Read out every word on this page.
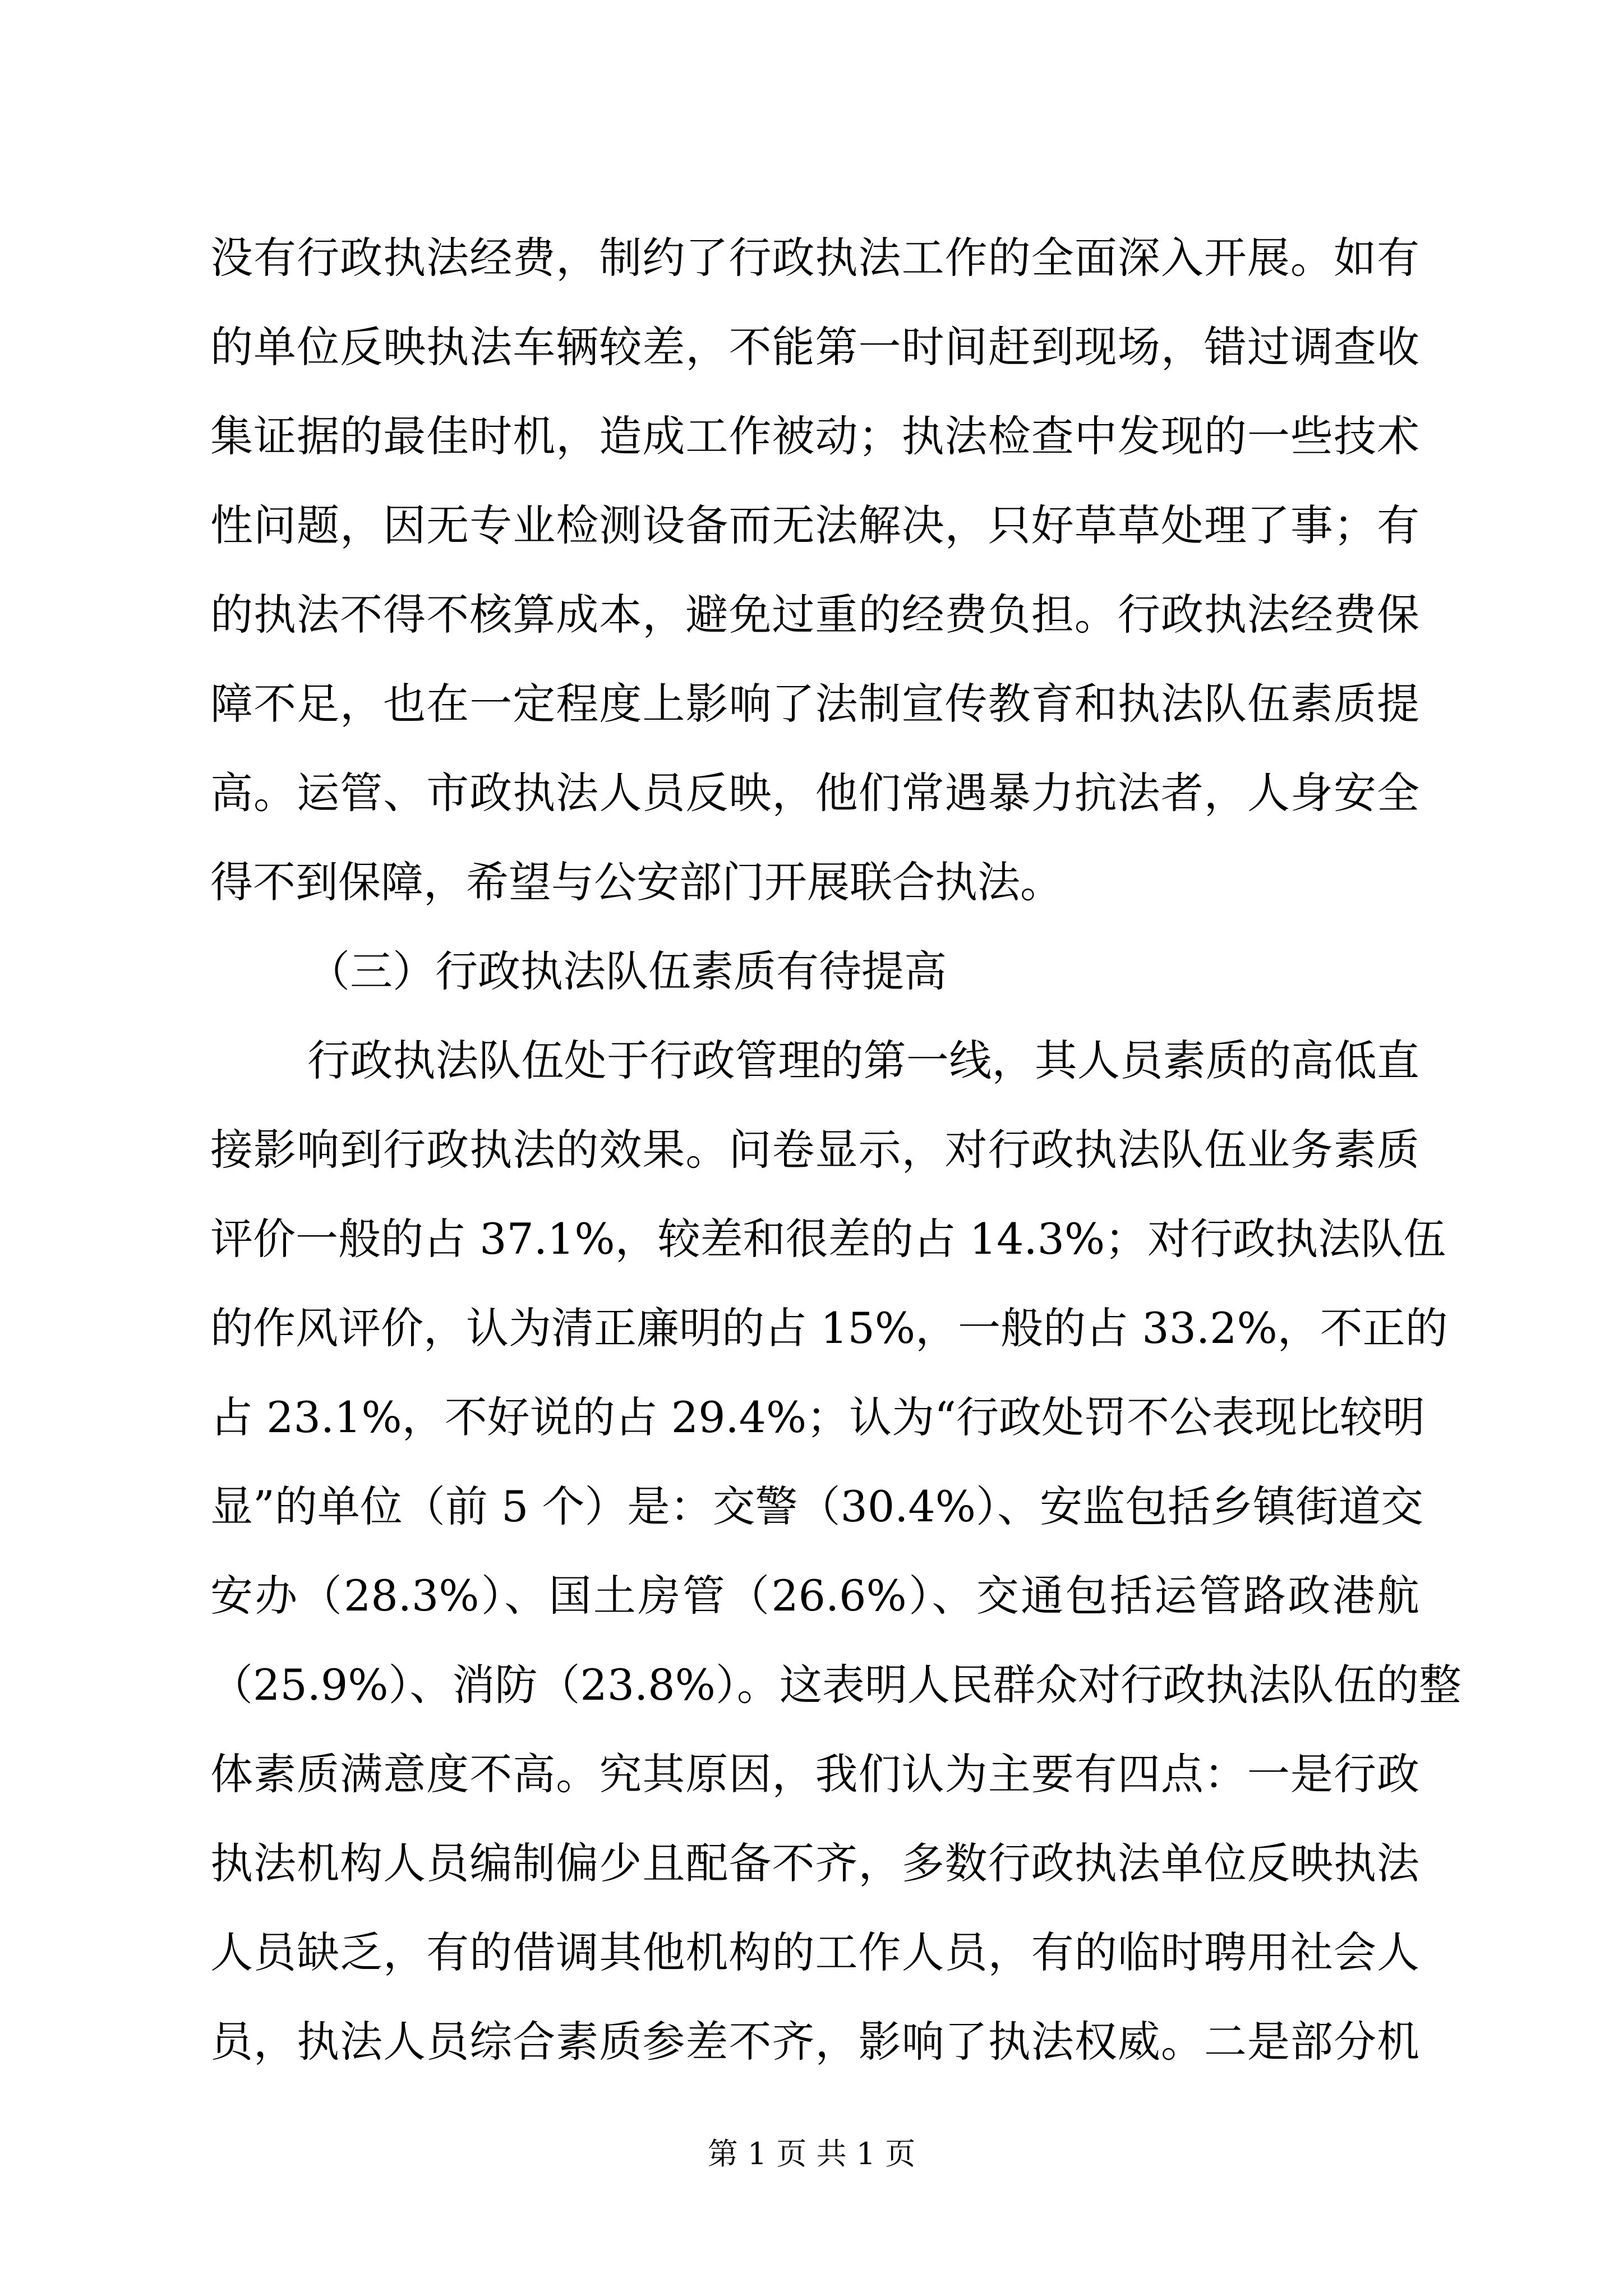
没有行政执法经费，制约了行政执法工作的全面深入开展。如有
的单位反映执法车辆较差，不能第一时间赶到现场，错过调查收
集证据的最佳时机，造成工作被动；执法检查中发现的一些技术
性问题，因无专业检测设备而无法解决，只好草草处理了事；有
的执法不得不核算成本，避免过重的经费负担。行政执法经费保
障不足，也在一定程度上影响了法制宣传教育和执法队伍素质提
高。运管、市政执法人员反映，他们常遇暴力抗法者，人身安全
得不到保障，希望与公安部门开展联合执法。
（三）行政执法队伍素质有待提高
行政执法队伍处于行政管理的第一线，其人员素质的高低直
接影响到行政执法的效果。问卷显示，对行政执法队伍业务素质
评价一般的占 37.1%，较差和很差的占 14.3%；对行政执法队伍
的作风评价，认为清正廉明的占 15%，一般的占 33.2%，不正的
占 23.1%，不好说的占 29.4%；认为“行政处罚不公表现比较明
显”的单位（前 5 个）是：交警（30.4%）、安监包括乡镇街道交
安办（28.3%）、国土房管（26.6%）、交通包括运管路政港航
（25.9%）、消防（23.8%）。这表明人民群众对行政执法队伍的整
体素质满意度不高。究其原因，我们认为主要有四点：一是行政
执法机构人员编制偏少且配备不齐，多数行政执法单位反映执法
第 1 页 共 1 页
人员缺乏，有的借调其他机构的工作人员，有的临时聘用社会人
员，执法人员综合素质参差不齐，影响了执法权威。二是部分机
